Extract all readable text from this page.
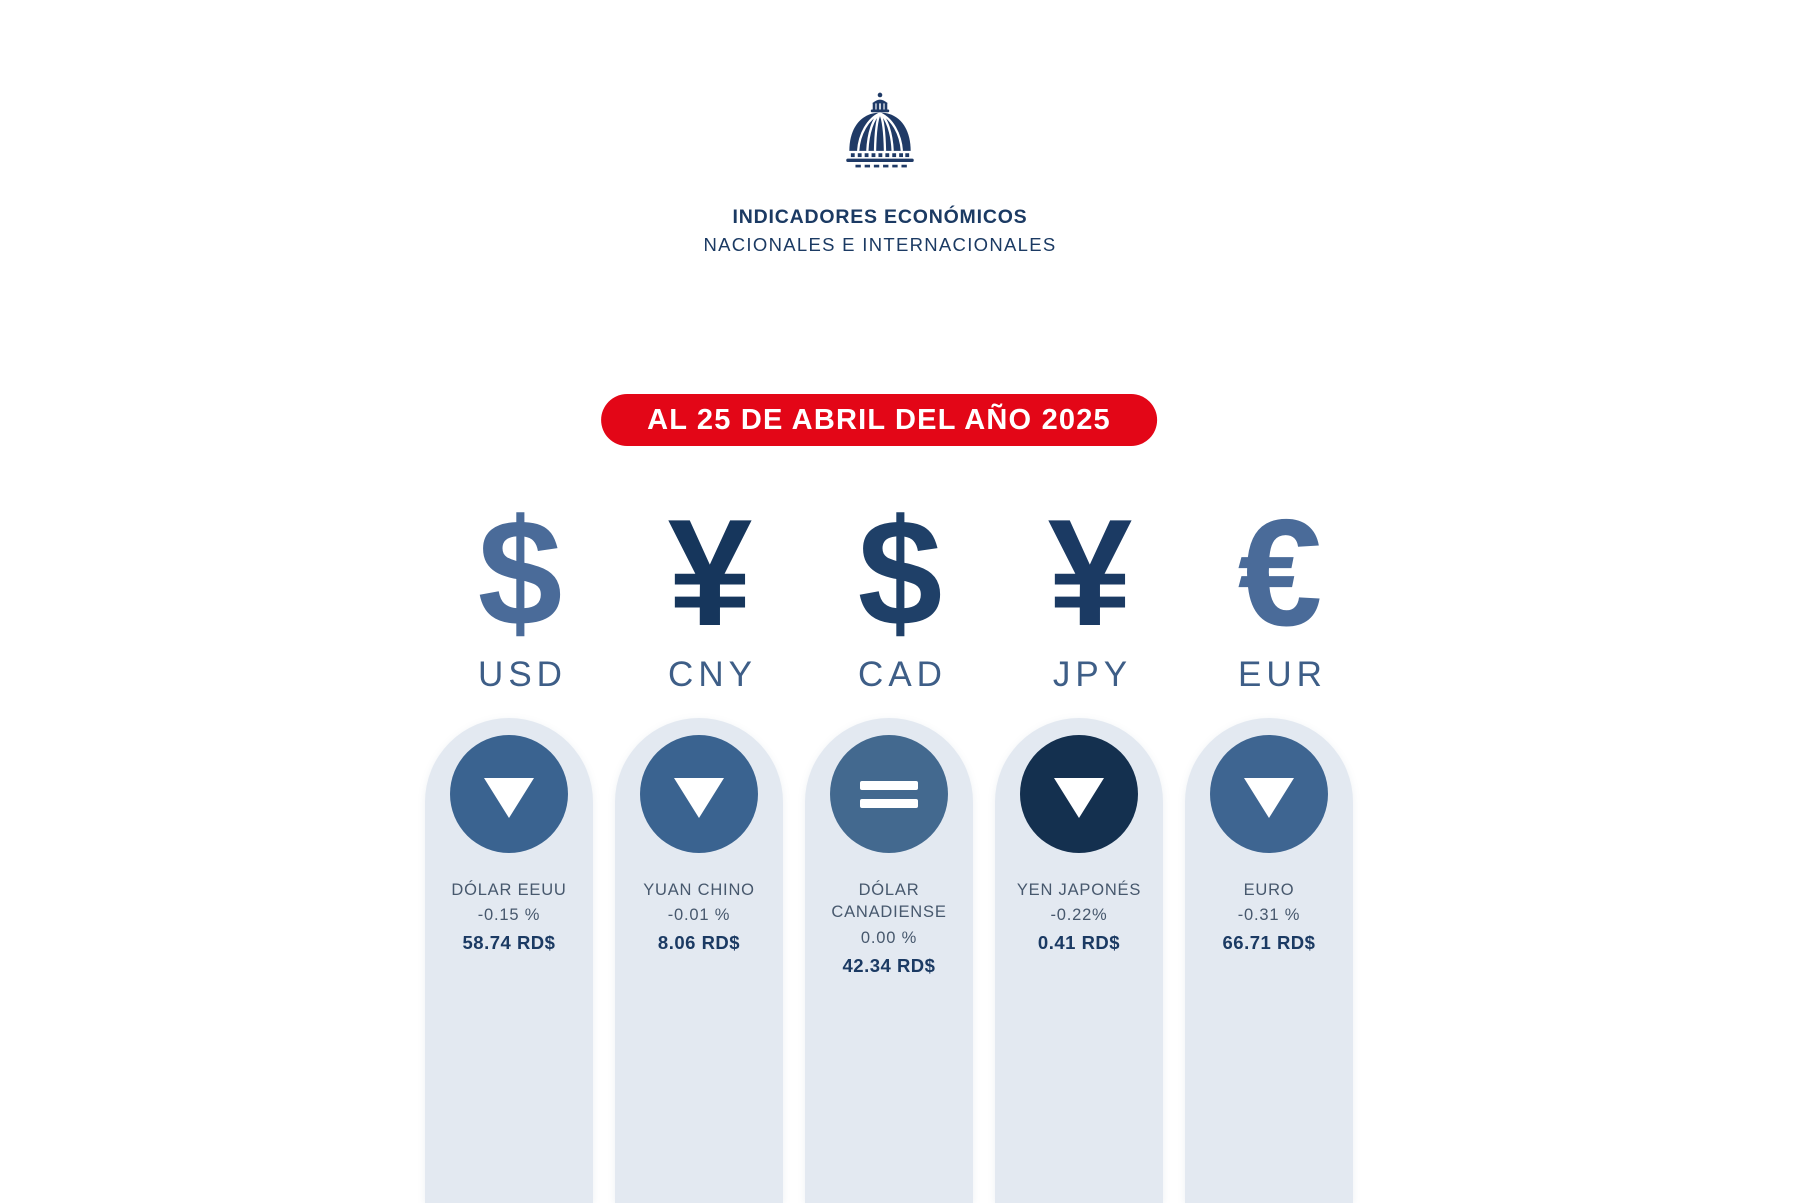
INDICADORES ECONÓMICOS
NACIONALES E INTERNACIONALES
AL 25 DE ABRIL DEL AÑO 2025
$
USD
¥
CNY
$
CAD
¥
JPY
€
EUR
DÓLAR EEUU
-0.15 %
58.74 RD$
YUAN CHINO
-0.01 %
8.06 RD$
DÓLAR CANADIENSE
0.00 %
42.34 RD$
YEN JAPONÉS
-0.22%
0.41 RD$
EURO
-0.31 %
66.71 RD$
